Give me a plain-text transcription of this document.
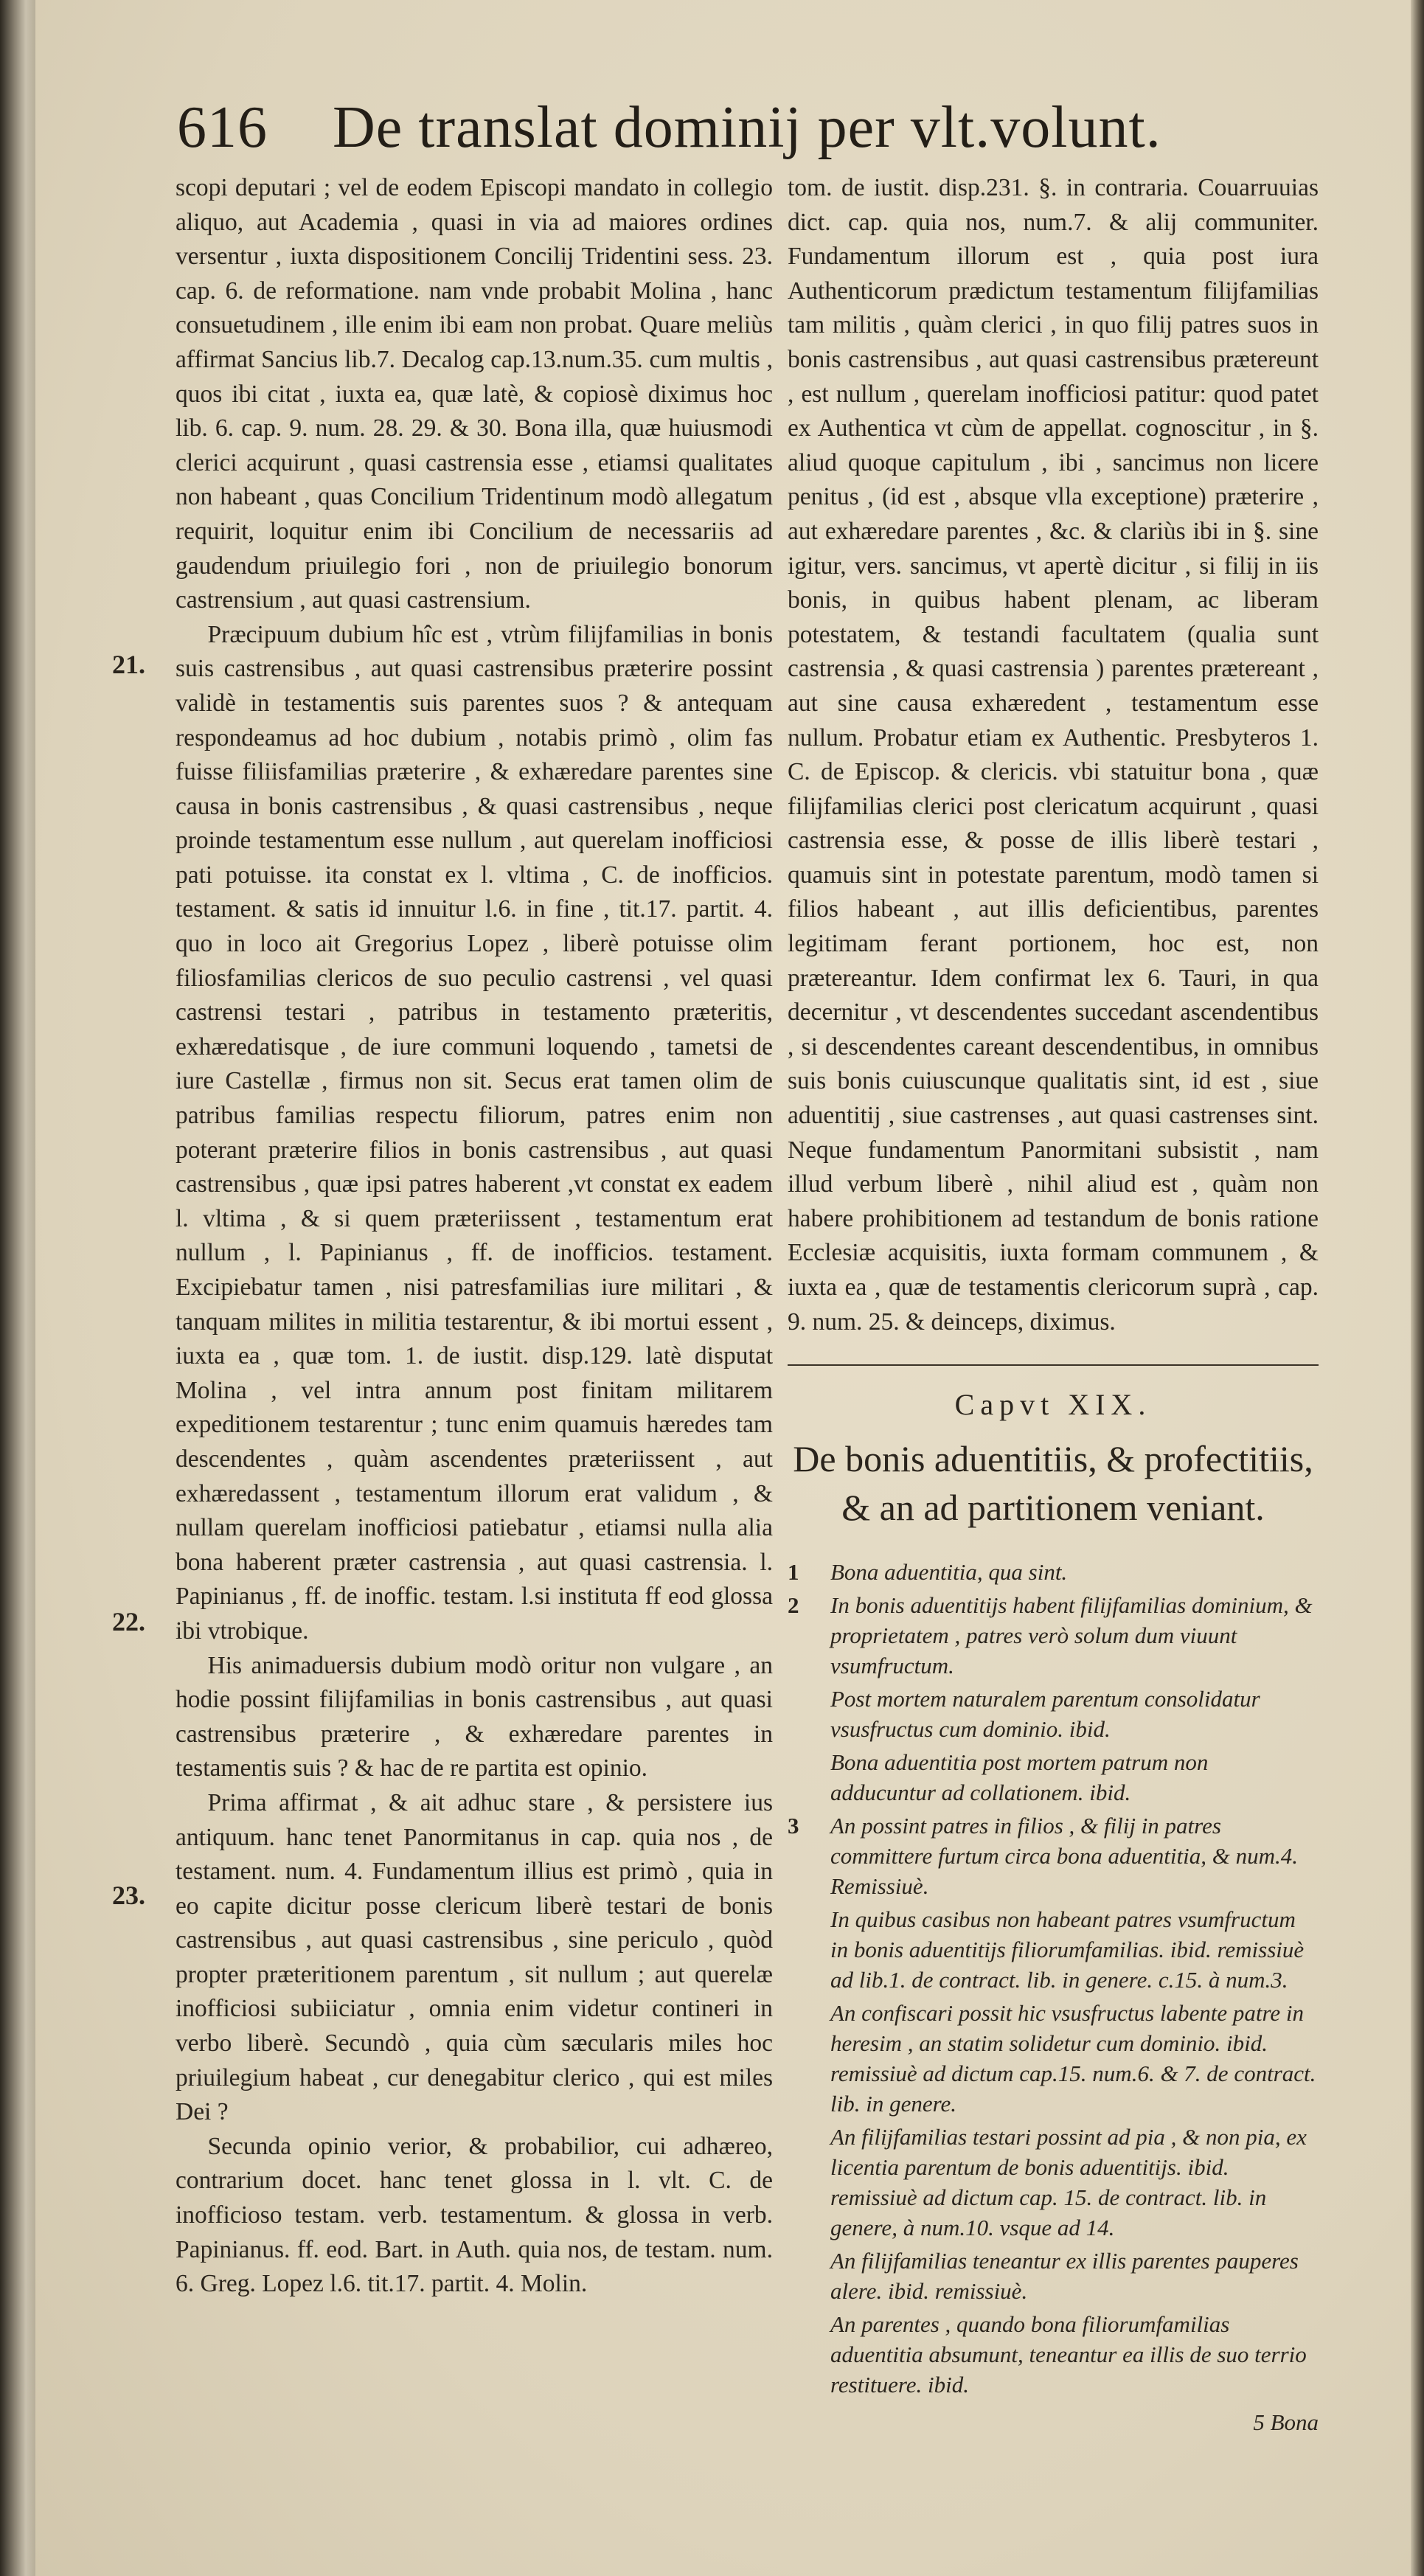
616 De translat dominij per vlt.volunt.
21.
22.
23.

scopi deputari ; vel de eodem Episcopi mandato in collegio aliquo, aut Academia , quasi in via ad maiores ordines versentur , iuxta dispositionem Concilij Tridentini sess. 23. cap. 6. de reformatione. nam vnde probabit Molina , hanc consuetudinem , ille enim ibi eam non probat. Quare meliùs affirmat Sancius lib.7. Decalog cap.13.num.35. cum multis , quos ibi citat , iuxta ea, quæ latè, & copiosè diximus hoc lib. 6. cap. 9. num. 28. 29. & 30. Bona illa, quæ huiusmodi clerici acquirunt , quasi castrensia esse , etiamsi qualitates non habeant , quas Concilium Tridentinum modò allegatum requirit, loquitur enim ibi Concilium de necessariis ad gaudendum priuilegio fori , non de priuilegio bonorum castrensium , aut quasi castrensium.

Præcipuum dubium hîc est , vtrùm filijfamilias in bonis suis castrensibus , aut quasi castrensibus præterire possint validè in testamentis suis parentes suos ? & antequam respondeamus ad hoc dubium , notabis primò , olim fas fuisse filiisfamilias præterire , & exhæredare parentes sine causa in bonis castrensibus , & quasi castrensibus , neque proinde testamentum esse nullum , aut querelam inofficiosi pati potuisse. ita constat ex l. vltima , C. de inofficios. testament. & satis id innuitur l.6. in fine , tit.17. partit. 4. quo in loco ait Gregorius Lopez , liberè potuisse olim filiosfamilias clericos de suo peculio castrensi , vel quasi castrensi testari , patribus in testamento præteritis, exhæredatisque , de iure communi loquendo , tametsi de iure Castellæ , firmus non sit. Secus erat tamen olim de patribus familias respectu filiorum, patres enim non poterant præterire filios in bonis castrensibus , aut quasi castrensibus , quæ ipsi patres haberent ,vt constat ex eadem l. vltima , & si quem præteriissent , testamentum erat nullum , l. Papinianus , ff. de inofficios. testament. Excipiebatur tamen , nisi patresfamilias iure militari , & tanquam milites in militia testarentur, & ibi mortui essent , iuxta ea , quæ tom. 1. de iustit. disp.129. latè disputat Molina , vel intra annum post finitam militarem expeditionem testarentur ; tunc enim quamuis hæredes tam descendentes , quàm ascendentes præteriissent , aut exhæredassent , testamentum illorum erat validum , & nullam querelam inofficiosi patiebatur , etiamsi nulla alia bona haberent præter castrensia , aut quasi castrensia. l. Papinianus , ff. de inoffic. testam. l.si instituta ff eod glossa ibi vtrobique.

His animaduersis dubium modò oritur non vulgare , an hodie possint filijfamilias in bonis castrensibus , aut quasi castrensibus præterire , & exhæredare parentes in testamentis suis ? & hac de re partita est opinio.

Prima affirmat , & ait adhuc stare , & persistere ius antiquum. hanc tenet Panormitanus in cap. quia nos , de testament. num. 4. Fundamentum illius est primò , quia in eo capite dicitur posse clericum liberè testari de bonis castrensibus , aut quasi castrensibus , sine periculo , quòd propter præteritionem parentum , sit nullum ; aut querelæ inofficiosi subiiciatur , omnia enim videtur contineri in verbo liberè. Secundò , quia cùm sæcularis miles hoc priuilegium habeat , cur denegabitur clerico , qui est miles Dei ?

Secunda opinio verior, & probabilior, cui adhæreo, contrarium docet. hanc tenet glossa in l. vlt. C. de inofficioso testam. verb. testamentum. & glossa in verb. Papinianus. ff. eod. Bart. in Auth. quia nos, de testam. num. 6. Greg. Lopez l.6. tit.17. partit. 4. Molin.

tom. de iustit. disp.231. §. in contraria. Couarruuias dict. cap. quia nos, num.7. & alij communiter. Fundamentum illorum est , quia post iura Authenticorum prædictum testamentum filijfamilias tam militis , quàm clerici , in quo filij patres suos in bonis castrensibus , aut quasi castrensibus prætereunt , est nullum , querelam inofficiosi patitur: quod patet ex Authentica vt cùm de appellat. cognoscitur , in §. aliud quoque capitulum , ibi , sancimus non licere penitus , (id est , absque vlla exceptione) præterire , aut exhæredare parentes , &c. & clariùs ibi in §. sine igitur, vers. sancimus, vt apertè dicitur , si filij in iis bonis, in quibus habent plenam, ac liberam potestatem, & testandi facultatem (qualia sunt castrensia , & quasi castrensia ) parentes prætereant , aut sine causa exhæredent , testamentum esse nullum. Probatur etiam ex Authentic. Presbyteros 1. C. de Episcop. & clericis. vbi statuitur bona , quæ filijfamilias clerici post clericatum acquirunt , quasi castrensia esse, & posse de illis liberè testari , quamuis sint in potestate parentum, modò tamen si filios habeant , aut illis deficientibus, parentes legitimam ferant portionem, hoc est, non prætereantur. Idem confirmat lex 6. Tauri, in qua decernitur , vt descendentes succedant ascendentibus , si descendentes careant descendentibus, in omnibus suis bonis cuiuscunque qualitatis sint, id est , siue aduentitij , siue castrenses , aut quasi castrenses sint. Neque fundamentum Panormitani subsistit , nam illud verbum liberè , nihil aliud est , quàm non habere prohibitionem ad testandum de bonis ratione Ecclesiæ acquisitis, iuxta formam communem , & iuxta ea , quæ de testamentis clericorum suprà , cap. 9. num. 25. & deinceps, diximus.

Capvt XIX.
De bonis aduentitiis, & profectitiis, & an ad partitionem veniant.
1	Bona aduentitia, qua sint.
2	In bonis aduentitijs habent filijfamilias dominium, & proprietatem , patres verò solum dum viuunt vsumfructum.
Post mortem naturalem parentum consolidatur vsusfructus cum dominio. ibid.
Bona aduentitia post mortem patrum non adducuntur ad collationem. ibid.
3	An possint patres in filios , & filij in patres committere furtum circa bona aduentitia, & num.4. Remissiuè.
In quibus casibus non habeant patres vsumfructum in bonis aduentitijs filiorumfamilias. ibid. remissiuè ad lib.1. de contract. lib. in genere. c.15. à num.3.
An confiscari possit hic vsusfructus labente patre in heresim , an statim solidetur cum dominio. ibid. remissiuè ad dictum cap.15. num.6. & 7. de contract. lib. in genere.
An filijfamilias testari possint ad pia , & non pia, ex licentia parentum de bonis aduentitijs. ibid. remissiuè ad dictum cap. 15. de contract. lib. in genere, à num.10. vsque ad 14.
An filijfamilias teneantur ex illis parentes pauperes alere. ibid. remissiuè.
An parentes , quando bona filiorumfamilias aduentitia absumunt, teneantur ea illis de suo terrio restituere. ibid.
5 Bona
